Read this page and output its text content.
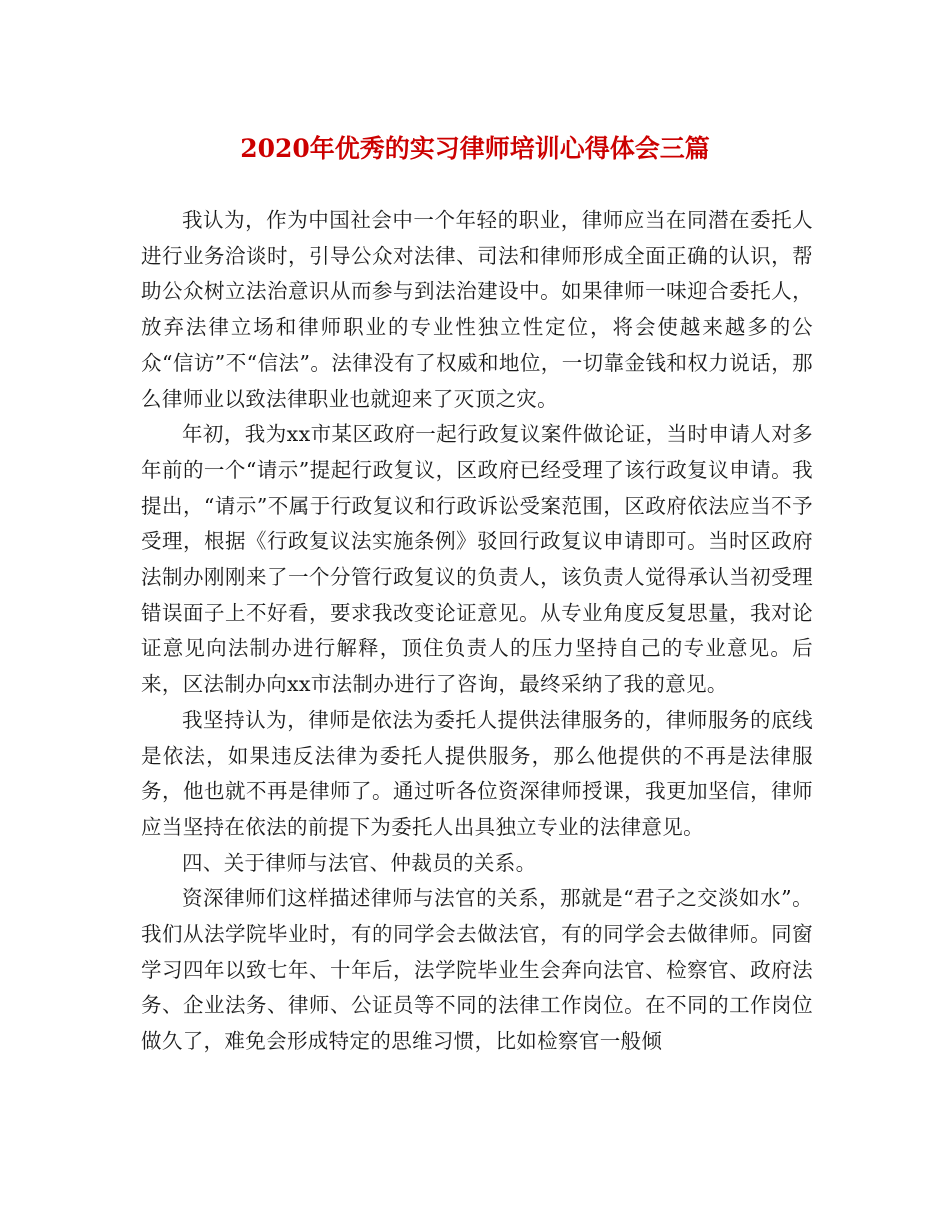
2020年优秀的实习律师培训心得体会三篇

我认为，作为中国社会中一个年轻的职业，律师应当在同潜在委托人进行业务洽谈时，引导公众对法律、司法和律师形成全面正确的认识，帮助公众树立法治意识从而参与到法治建设中。如果律师一味迎合委托人，放弃法律立场和律师职业的专业性独立性定位，将会使越来越多的公众“信访”不“信法”。法律没有了权威和地位，一切靠金钱和权力说话，那么律师业以致法律职业也就迎来了灭顶之灾。

年初，我为xx市某区政府一起行政复议案件做论证，当时申请人对多年前的一个“请示”提起行政复议，区政府已经受理了该行政复议申请。我提出，“请示”不属于行政复议和行政诉讼受案范围，区政府依法应当不予受理，根据《行政复议法实施条例》驳回行政复议申请即可。当时区政府法制办刚刚来了一个分管行政复议的负责人，该负责人觉得承认当初受理错误面子上不好看，要求我改变论证意见。从专业角度反复思量，我对论证意见向法制办进行解释，顶住负责人的压力坚持自己的专业意见。后来，区法制办向xx市法制办进行了咨询，最终采纳了我的意见。

我坚持认为，律师是依法为委托人提供法律服务的，律师服务的底线是依法，如果违反法律为委托人提供服务，那么他提供的不再是法律服务，他也就不再是律师了。通过听各位资深律师授课，我更加坚信，律师应当坚持在依法的前提下为委托人出具独立专业的法律意见。

四、关于律师与法官、仲裁员的关系。

资深律师们这样描述律师与法官的关系，那就是“君子之交淡如水”。我们从法学院毕业时，有的同学会去做法官，有的同学会去做律师。同窗学习四年以致七年、十年后，法学院毕业生会奔向法官、检察官、政府法务、企业法务、律师、公证员等不同的法律工作岗位。在不同的工作岗位做久了，难免会形成特定的思维习惯，比如检察官一般倾
